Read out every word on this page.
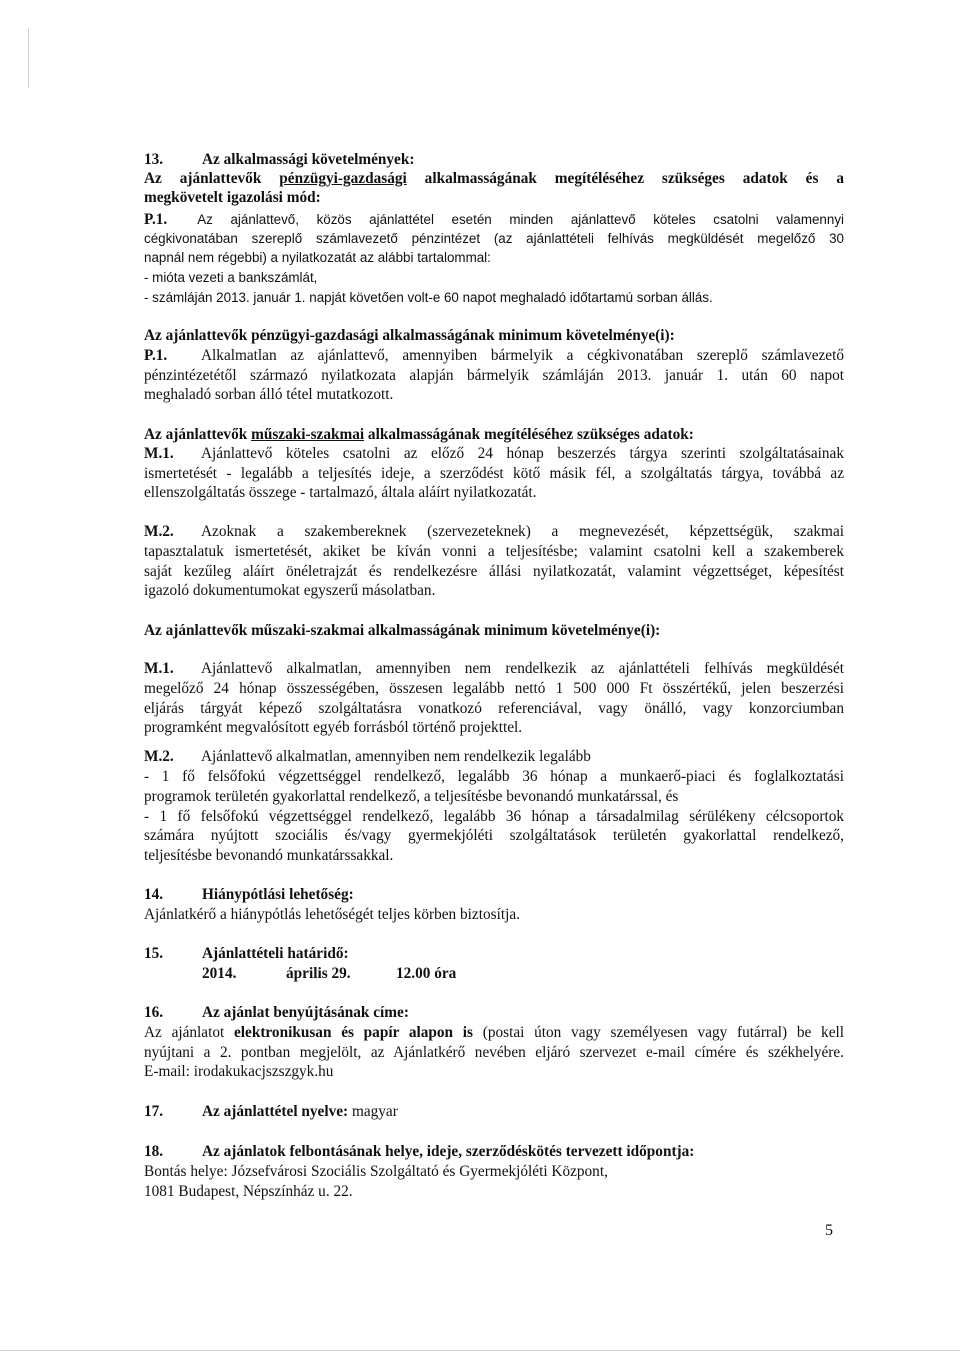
13.	Az alkalmassági követelmények:
Az ajánlattevők pénzügyi-gazdasági alkalmasságának megítéléséhez szükséges adatok és a
megkövetelt igazolási mód:
P.1. Az ajánlattevő, közös ajánlattétel esetén minden ajánlattevő köteles csatolni valamennyi
cégkivonatában szereplő számlavezető pénzintézet (az ajánlattételi felhívás megküldését megelőző 30
napnál nem régebbi) a nyilatkozatát az alábbi tartalommal:
- mióta vezeti a bankszámlát,
- számláján 2013. január 1. napját követően volt-e 60 napot meghaladó időtartamú sorban állás.
Az ajánlattevők pénzügyi-gazdasági alkalmasságának minimum követelménye(i):
P.1. Alkalmatlan az ajánlattevő, amennyiben bármelyik a cégkivonatában szereplő számlavezető
pénzintézetétől származó nyilatkozata alapján bármelyik számláján 2013. január 1. után 60 napot
meghaladó sorban álló tétel mutatkozott.
Az ajánlattevők műszaki-szakmai alkalmasságának megítéléséhez szükséges adatok:
M.1. Ajánlattevő köteles csatolni az előző 24 hónap beszerzés tárgya szerinti szolgáltatásainak
ismertetését - legalább a teljesítés ideje, a szerződést kötő másik fél, a szolgáltatás tárgya, továbbá az
ellenszolgáltatás összege - tartalmazó, általa aláírt nyilatkozatát.
M.2. Azoknak a szakembereknek (szervezeteknek) a megnevezését, képzettségük, szakmai
tapasztalatuk ismertetését, akiket be kíván vonni a teljesítésbe; valamint csatolni kell a szakemberek
saját kezűleg aláírt önéletrajzát és rendelkezésre állási nyilatkozatát, valamint végzettséget, képesítést
igazoló dokumentumokat egyszerű másolatban.
Az ajánlattevők műszaki-szakmai alkalmasságának minimum követelménye(i):
M.1. Ajánlattevő alkalmatlan, amennyiben nem rendelkezik az ajánlattételi felhívás megküldését
megelőző 24 hónap összességében, összesen legalább nettó 1 500 000 Ft összértékű, jelen beszerzési
eljárás tárgyát képező szolgáltatásra vonatkozó referenciával, vagy önálló, vagy konzorciumban
programként megvalósított egyéb forrásból történő projekttel.
M.2. Ajánlattevő alkalmatlan, amennyiben nem rendelkezik legalább
- 1 fő felsőfokú végzettséggel rendelkező, legalább 36 hónap a munkaerő-piaci és foglalkoztatási
programok területén gyakorlattal rendelkező, a teljesítésbe bevonandó munkatárssal, és
- 1 fő felsőfokú végzettséggel rendelkező, legalább 36 hónap a társadalmilag sérülékeny célcsoportok
számára nyújtott szociális és/vagy gyermekjóléti szolgáltatások területén gyakorlattal rendelkező,
teljesítésbe bevonandó munkatárssakkal.
14.	Hiánypótlási lehetőség:
Ajánlatkérő a hiánypótlás lehetőségét teljes körben biztosítja.
15.	Ajánlattételi határidő:
2014.	április 29.	12.00 óra
16.	Az ajánlat benyújtásának címe:
Az ajánlatot elektronikusan és papír alapon is (postai úton vagy személyesen vagy futárral) be kell
nyújtani a 2. pontban megjelölt, az Ajánlatkérő nevében eljáró szervezet e-mail címére és székhelyére.
E-mail: irodakukacjszszgyk.hu
17.	Az ajánlattétel nyelve: magyar
18.	Az ajánlatok felbontásának helye, ideje, szerződéskötés tervezett időpontja:
Bontás helye: Józsefvárosi Szociális Szolgáltató és Gyermekjóléti Központ,
1081 Budapest, Népszínház u. 22.
5
